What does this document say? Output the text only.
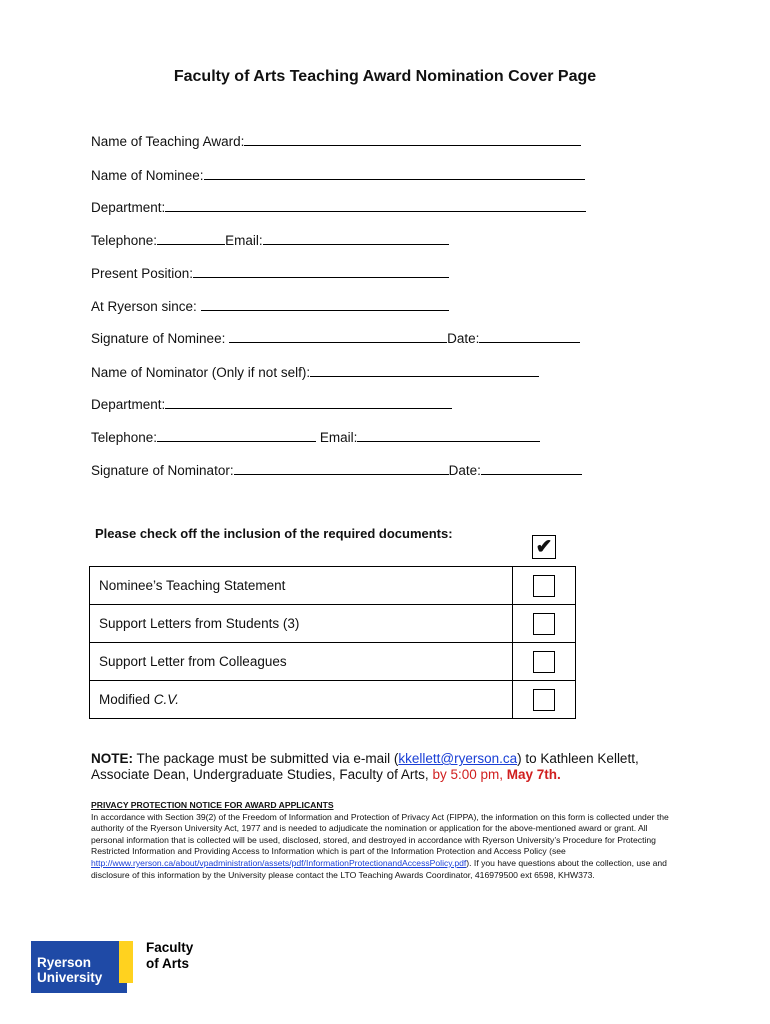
Faculty of Arts Teaching Award Nomination Cover Page
Name of Teaching Award:
Name of Nominee:
Department:
Telephone:	Email:
Present Position:
At Ryerson since:
Signature of Nominee:	Date:
Name of Nominator (Only if not self):
Department:
Telephone:	Email:
Signature of Nominator:	Date:
Please check off the inclusion of the required documents:
✔
Nominee’s Teaching Statement	
Support Letters from Students (3)	
Support Letter from Colleagues	
Modified C.V.	
NOTE: The package must be submitted via e-mail (kkellett@ryerson.ca) to Kathleen Kellett, Associate Dean, Undergraduate Studies, Faculty of Arts, by 5:00 pm, May 7th.
PRIVACY PROTECTION NOTICE FOR AWARD APPLICANTS
In accordance with Section 39(2) of the Freedom of Information and Protection of Privacy Act (FIPPA), the information on this form is collected under the authority of the Ryerson University Act, 1977 and is needed to adjudicate the nomination or application for the above-mentioned award or grant. All personal information that is collected will be used, disclosed, stored, and destroyed in accordance with Ryerson University’s Procedure for Protecting Restricted Information and Providing Access to Information which is part of the Information Protection and Access Policy (see http://www.ryerson.ca/about/vpadministration/assets/pdf/InformationProtectionandAccessPolicy.pdf). If you have questions about the collection, use and disclosure of this information by the University please contact the LTO Teaching Awards Coordinator, 416979500 ext 6598, KHW373.
Ryerson
University
Faculty
of Arts
